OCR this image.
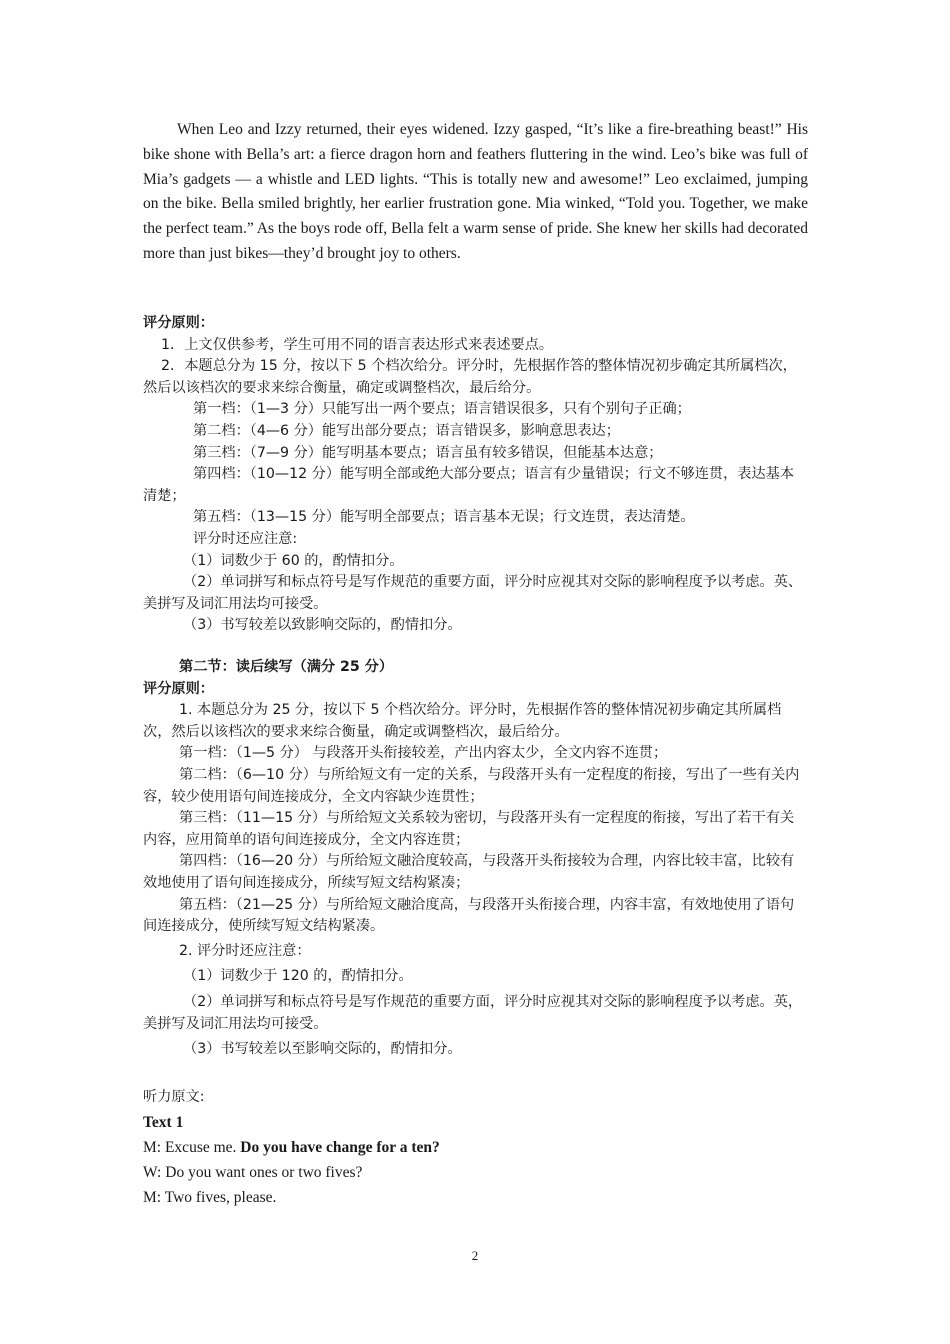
When Leo and Izzy returned, their eyes widened. Izzy gasped, “It’s like a fire-breathing beast!” His bike shone with Bella’s art: a fierce dragon horn and feathers fluttering in the wind. Leo’s bike was full of Mia’s gadgets — a whistle and LED lights. “This is totally new and awesome!” Leo exclaimed, jumping on the bike. Bella smiled brightly, her earlier frustration gone. Mia winked, “Told you. Together, we make the perfect team.” As the boys rode off, Bella felt a warm sense of pride. She knew her skills had decorated more than just bikes—they’d brought joy to others.

评分原则：

1．上文仅供参考，学生可用不同的语言表达形式来表述要点。

2．本题总分为 15 分，按以下 5 个档次给分。评分时，先根据作答的整体情况初步确定其所属档次，然后以该档次的要求来综合衡量，确定或调整档次，最后给分。

第一档：（1—3 分）只能写出一两个要点；语言错误很多，只有个别句子正确；

第二档：（4—6 分）能写出部分要点；语言错误多，影响意思表达；

第三档：（7—9 分）能写明基本要点；语言虽有较多错误，但能基本达意；

第四档：（10—12 分）能写明全部或绝大部分要点；语言有少量错误；行文不够连贯，表达基本清楚；

第五档：（13—15 分）能写明全部要点；语言基本无误；行文连贯，表达清楚。

评分时还应注意:

（1）词数少于 60 的，酌情扣分。

（2）单词拼写和标点符号是写作规范的重要方面，评分时应视其对交际的影响程度予以考虑。英、美拼写及词汇用法均可接受。

（3）书写较差以致影响交际的，酌情扣分。

第二节：读后续写（满分 25 分）

评分原则：

1. 本题总分为 25 分，按以下 5 个档次给分。评分时，先根据作答的整体情况初步确定其所属档次，然后以该档次的要求来综合衡量，确定或调整档次，最后给分。

第一档：（1—5 分） 与段落开头衔接较差，产出内容太少，全文内容不连贯；

第二档：（6—10 分）与所给短文有一定的关系，与段落开头有一定程度的衔接，写出了一些有关内容，较少使用语句间连接成分，全文内容缺少连贯性；

第三档：（11—15 分）与所给短文关系较为密切，与段落开头有一定程度的衔接，写出了若干有关内容，应用简单的语句间连接成分，全文内容连贯；

第四档：（16—20 分）与所给短文融洽度较高，与段落开头衔接较为合理，内容比较丰富，比较有效地使用了语句间连接成分，所续写短文结构紧凑；

第五档：（21—25 分）与所给短文融洽度高，与段落开头衔接合理，内容丰富，有效地使用了语句间连接成分，使所续写短文结构紧凑。

2. 评分时还应注意：

（1）词数少于 120 的，酌情扣分。

（2）单词拼写和标点符号是写作规范的重要方面，评分时应视其对交际的影响程度予以考虑。英，美拼写及词汇用法均可接受。

（3）书写较差以至影响交际的，酌情扣分。

听力原文:

Text 1

M: Excuse me. Do you have change for a ten?

W: Do you want ones or two fives?

M: Two fives, please.

2
